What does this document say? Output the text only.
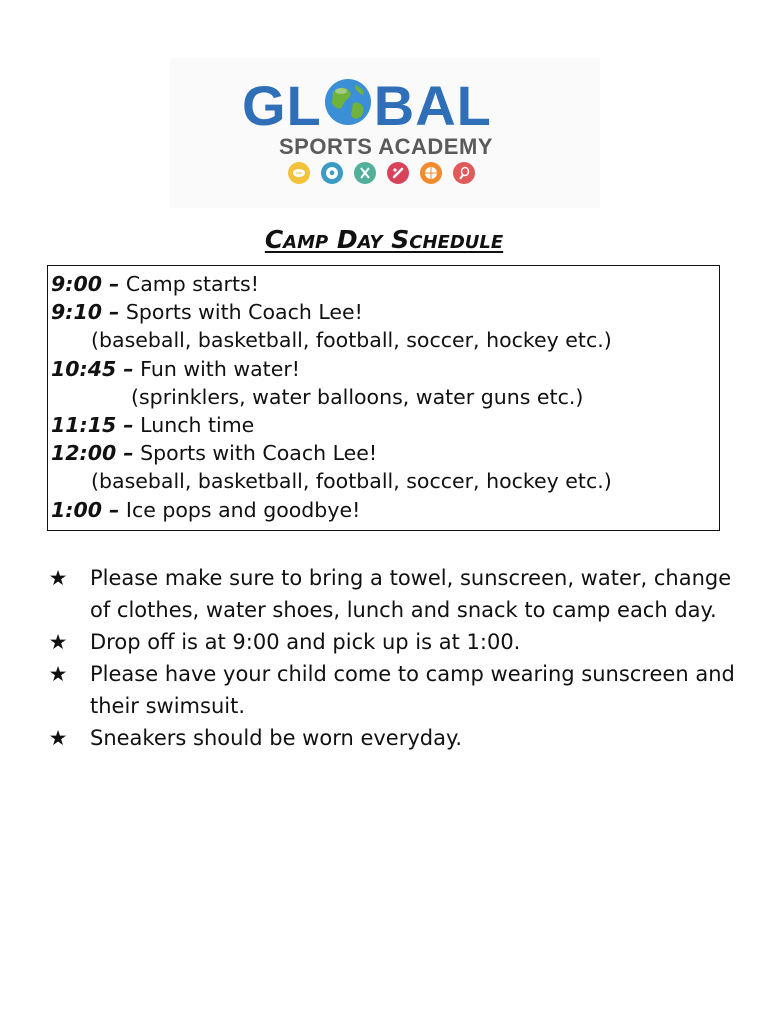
GL BAL
SPORTS ACADEMY
Camp Day Schedule
9:00 – Camp starts!
9:10 – Sports with Coach Lee!
(baseball, basketball, football, soccer, hockey etc.)
10:45 – Fun with water!
(sprinklers, water balloons, water guns etc.)
11:15 – Lunch time
12:00 – Sports with Coach Lee!
(baseball, basketball, football, soccer, hockey etc.)
1:00 – Ice pops and goodbye!
★ Please make sure to bring a towel, sunscreen, water, change of clothes, water shoes, lunch and snack to camp each day.
★ Drop off is at 9:00 and pick up is at 1:00.
★ Please have your child come to camp wearing sunscreen and their swimsuit.
★ Sneakers should be worn everyday.
